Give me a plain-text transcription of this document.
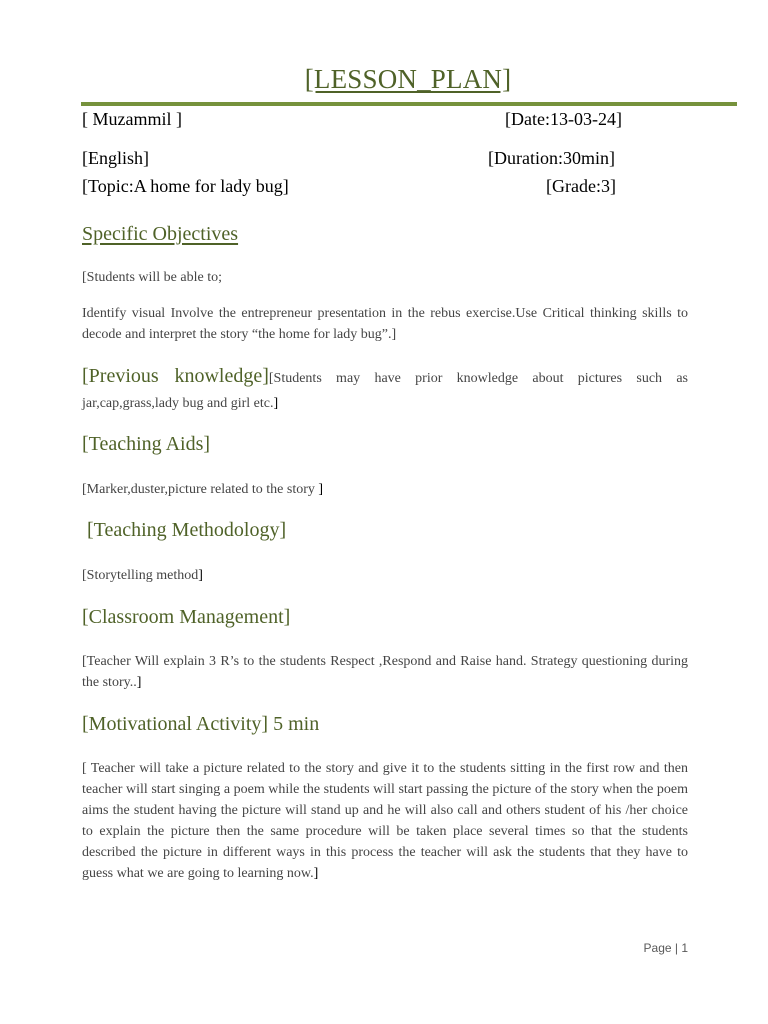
[LESSON_PLAN]
[ Muzammil ]	[Date:13-03-24]
[English]	[Duration:30min]
[Topic:A home for lady bug]	[Grade:3]
Specific Objectives
[Students will be able to;
Identify visual Involve the entrepreneur presentation in the rebus exercise.Use Critical thinking skills to decode and interpret the story “the home for lady bug”.]
[Previous knowledge][Students may have prior knowledge about pictures such as jar,cap,grass,lady bug and girl etc.]
[Teaching Aids]
[Marker,duster,picture related to the story ]
[Teaching Methodology]
[Storytelling method]
[Classroom Management]
[Teacher Will explain 3 R’s to the students Respect ,Respond and Raise hand. Strategy questioning during the story..]
[Motivational Activity] 5 min
[ Teacher will take a picture related to the story and give it to the students sitting in the first row and then teacher will start singing a poem while the students will start passing the picture of the story when the poem aims the student having the picture will stand up and he will also call and others student of his /her choice to explain the picture then the same procedure will be taken place several times so that the students described the picture in different ways in this process the teacher will ask the students that they have to guess what we are going to learning now.]
Page | 1
